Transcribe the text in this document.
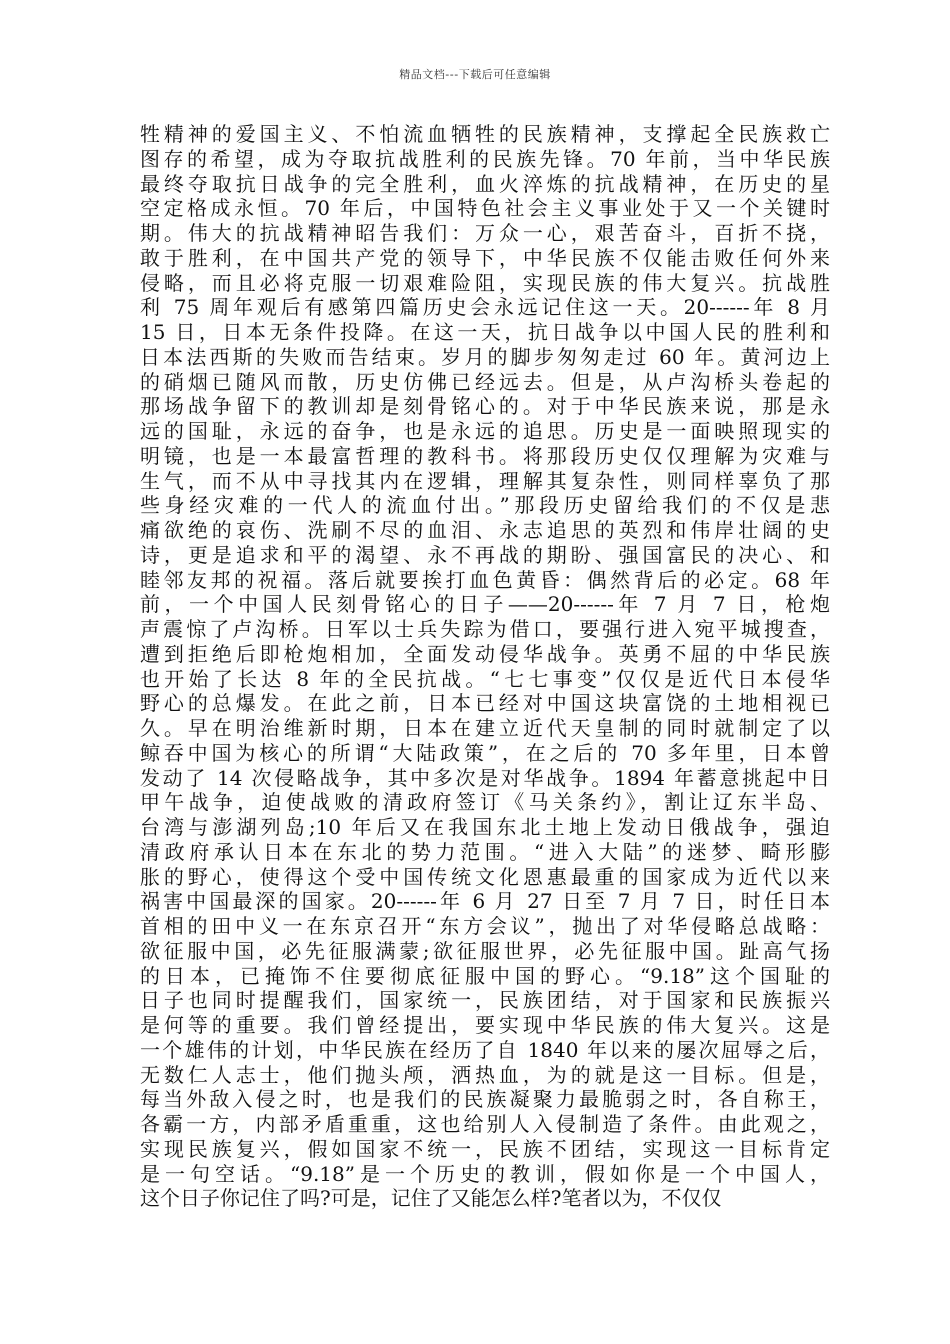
精品文档---下载后可任意编辑
牲精神的爱国主义、不怕流血牺牲的民族精神，支撑起全民族救亡
图存的希望，成为夺取抗战胜利的民族先锋。70 年前，当中华民族
最终夺取抗日战争的完全胜利，血火淬炼的抗战精神，在历史的星
空定格成永恒。70 年后，中国特色社会主义事业处于又一个关键时
期。伟大的抗战精神昭告我们：万众一心，艰苦奋斗，百折不挠，
敢于胜利，在中国共产党的领导下，中华民族不仅能击败任何外来
侵略，而且必将克服一切艰难险阻，实现民族的伟大复兴。抗战胜
利 75 周年观后有感第四篇历史会永远记住这一天。20------年 8 月
15 日，日本无条件投降。在这一天，抗日战争以中国人民的胜利和
日本法西斯的失败而告结束。岁月的脚步匆匆走过 60 年。黄河边上
的硝烟已随风而散，历史仿佛已经远去。但是，从卢沟桥头卷起的
那场战争留下的教训却是刻骨铭心的。对于中华民族来说，那是永
远的国耻，永远的奋争，也是永远的追思。历史是一面映照现实的
明镜，也是一本最富哲理的教科书。将那段历史仅仅理解为灾难与
生气，而不从中寻找其内在逻辑，理解其复杂性，则同样辜负了那
些身经灾难的一代人的流血付出。”那段历史留给我们的不仅是悲
痛欲绝的哀伤、洗刷不尽的血泪、永志追思的英烈和伟岸壮阔的史
诗，更是追求和平的渴望、永不再战的期盼、强国富民的决心、和
睦邻友邦的祝福。落后就要挨打血色黄昏：偶然背后的必定。68 年
前，一个中国人民刻骨铭心的日子——20------年 7 月 7 日，枪炮
声震惊了卢沟桥。日军以士兵失踪为借口，要强行进入宛平城搜查，
遭到拒绝后即枪炮相加，全面发动侵华战争。英勇不屈的中华民族
也开始了长达 8 年的全民抗战。“七七事变”仅仅是近代日本侵华
野心的总爆发。在此之前，日本已经对中国这块富饶的土地相视已
久。早在明治维新时期，日本在建立近代天皇制的同时就制定了以
鲸吞中国为核心的所谓“大陆政策”，在之后的 70 多年里，日本曾
发动了 14 次侵略战争，其中多次是对华战争。1894 年蓄意挑起中日
甲午战争，迫使战败的清政府签订《马关条约》，割让辽东半岛、
台湾与澎湖列岛;10 年后又在我国东北土地上发动日俄战争，强迫
清政府承认日本在东北的势力范围。“进入大陆”的迷梦、畸形膨
胀的野心，使得这个受中国传统文化恩惠最重的国家成为近代以来
祸害中国最深的国家。20------年 6 月 27 日至 7 月 7 日，时任日本
首相的田中义一在东京召开“东方会议”，抛出了对华侵略总战略：
欲征服中国，必先征服满蒙;欲征服世界，必先征服中国。趾高气扬
的日本，已掩饰不住要彻底征服中国的野心。“9.18”这个国耻的
日子也同时提醒我们，国家统一，民族团结，对于国家和民族振兴
是何等的重要。我们曾经提出，要实现中华民族的伟大复兴。这是
一个雄伟的计划，中华民族在经历了自 1840 年以来的屡次屈辱之后，
无数仁人志士，他们抛头颅，洒热血，为的就是这一目标。但是，
每当外敌入侵之时，也是我们的民族凝聚力最脆弱之时，各自称王，
各霸一方，内部矛盾重重，这也给别人入侵制造了条件。由此观之，
实现民族复兴，假如国家不统一，民族不团结，实现这一目标肯定
是一句空话。“9.18”是一个历史的教训，假如你是一个中国人，
这个日子你记住了吗?可是，记住了又能怎么样?笔者以为，不仅仅
